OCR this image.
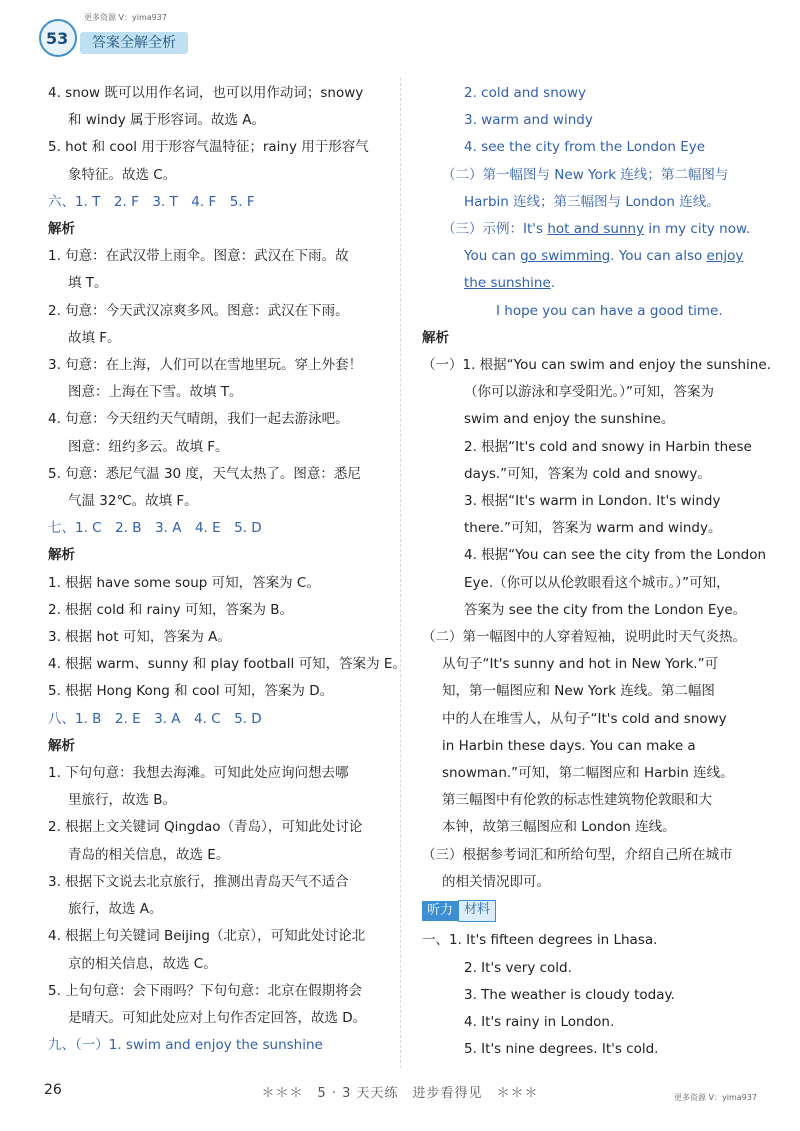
53
更多资源 V：yima937
答案全解全析
4. snow 既可以用作名词，也可以用作动词；snowy
和 windy 属于形容词。故选 A。
5. hot 和 cool 用于形容气温特征；rainy 用于形容气
象特征。故选 C。
六、1. T　2. F　3. T　4. F　5. F
解析
1. 句意：在武汉带上雨伞。图意：武汉在下雨。故
填 T。
2. 句意：今天武汉凉爽多风。图意：武汉在下雨。
故填 F。
3. 句意：在上海，人们可以在雪地里玩。穿上外套！
图意：上海在下雪。故填 T。
4. 句意：今天纽约天气晴朗，我们一起去游泳吧。
图意：纽约多云。故填 F。
5. 句意：悉尼气温 30 度，天气太热了。图意：悉尼
气温 32℃。故填 F。
七、1. C　2. B　3. A　4. E　5. D
解析
1. 根据 have some soup 可知，答案为 C。
2. 根据 cold 和 rainy 可知，答案为 B。
3. 根据 hot 可知，答案为 A。
4. 根据 warm、sunny 和 play football 可知，答案为 E。
5. 根据 Hong Kong 和 cool 可知，答案为 D。
八、1. B　2. E　3. A　4. C　5. D
解析
1. 下句句意：我想去海滩。可知此处应询问想去哪
里旅行，故选 B。
2. 根据上文关键词 Qingdao（青岛），可知此处讨论
青岛的相关信息，故选 E。
3. 根据下文说去北京旅行，推测出青岛天气不适合
旅行，故选 A。
4. 根据上句关键词 Beijing（北京），可知此处讨论北
京的相关信息，故选 C。
5. 上句句意：会下雨吗？下句句意：北京在假期将会
是晴天。可知此处应对上句作否定回答，故选 D。
九、（一）1. swim and enjoy the sunshine
2. cold and snowy
3. warm and windy
4. see the city from the London Eye
（二）第一幅图与 New York 连线；第二幅图与
Harbin 连线；第三幅图与 London 连线。
（三）示例：It's hot and sunny in my city now.
You can go swimming. You can also enjoy
the sunshine.
I hope you can have a good time.
解析
（一）1. 根据“You can swim and enjoy the sunshine.
（你可以游泳和享受阳光。）”可知，答案为
swim and enjoy the sunshine。
2. 根据“It's cold and snowy in Harbin these
days.”可知，答案为 cold and snowy。
3. 根据“It's warm in London. It's windy
there.”可知，答案为 warm and windy。
4. 根据“You can see the city from the London
Eye.（你可以从伦敦眼看这个城市。）”可知，
答案为 see the city from the London Eye。
（二）第一幅图中的人穿着短袖，说明此时天气炎热。
从句子“It's sunny and hot in New York.”可
知，第一幅图应和 New York 连线。第二幅图
中的人在堆雪人，从句子“It's cold and snowy
in Harbin these days. You can make a
snowman.”可知，第二幅图应和 Harbin 连线。
第三幅图中有伦敦的标志性建筑物伦敦眼和大
本钟，故第三幅图应和 London 连线。
（三）根据参考词汇和所给句型，介绍自己所在城市
的相关情况即可。
听力 材料
一、1. It's fifteen degrees in Lhasa.
2. It's very cold.
3. The weather is cloudy today.
4. It's rainy in London.
5. It's nine degrees. It's cold.
26	＊＊＊　5 · 3 天天练　进步看得见　＊＊＊	更多资源 V：yima937
